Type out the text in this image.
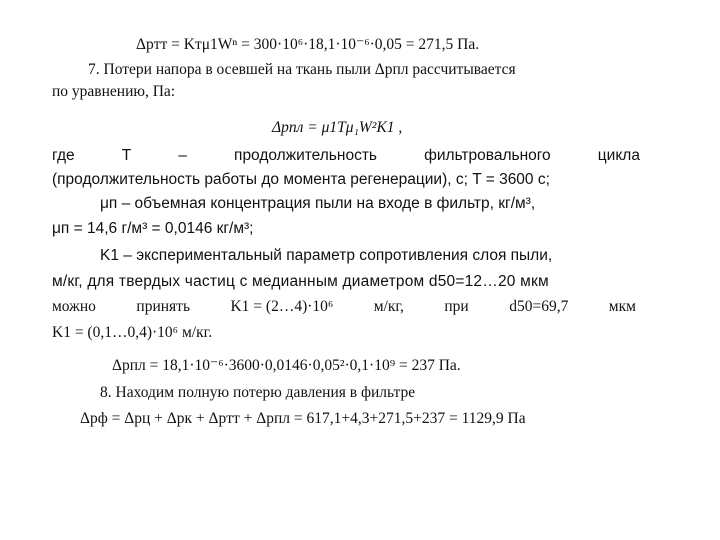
Δpтт = Kтμ1Wⁿ = 300·10⁶·18,1·10⁻⁶·0,05 = 271,5 Па.
7. Потери напора в осевшей на ткань пыли Δpпл рассчитывается
по уравнению, Па:
Δpпл = μ1Tμ₁W²K1 ,
где	T	–	продолжительность	фильтровального	цикла
(продолжительность работы до момента регенерации), с; T = 3600 с;
μп – объемная концентрация пыли на входе в фильтр, кг/м³,
μп = 14,6 г/м³ = 0,0146 кг/м³;
K1 – экспериментальный параметр сопротивления слоя пыли,
м/кг, для твердых частиц с медианным диаметром d50=12…20 мкм
можно	принять	K1 = (2…4)·10⁶	м/кг,	при	d50=69,7	мкм
K1 = (0,1…0,4)·10⁶ м/кг.
Δpпл = 18,1·10⁻⁶·3600·0,0146·0,05²·0,1·10⁹ = 237 Па.
8. Находим полную потерю давления в фильтре
Δpф = Δpц + Δpк + Δpтт + Δpпл = 617,1+4,3+271,5+237 = 1129,9 Па
